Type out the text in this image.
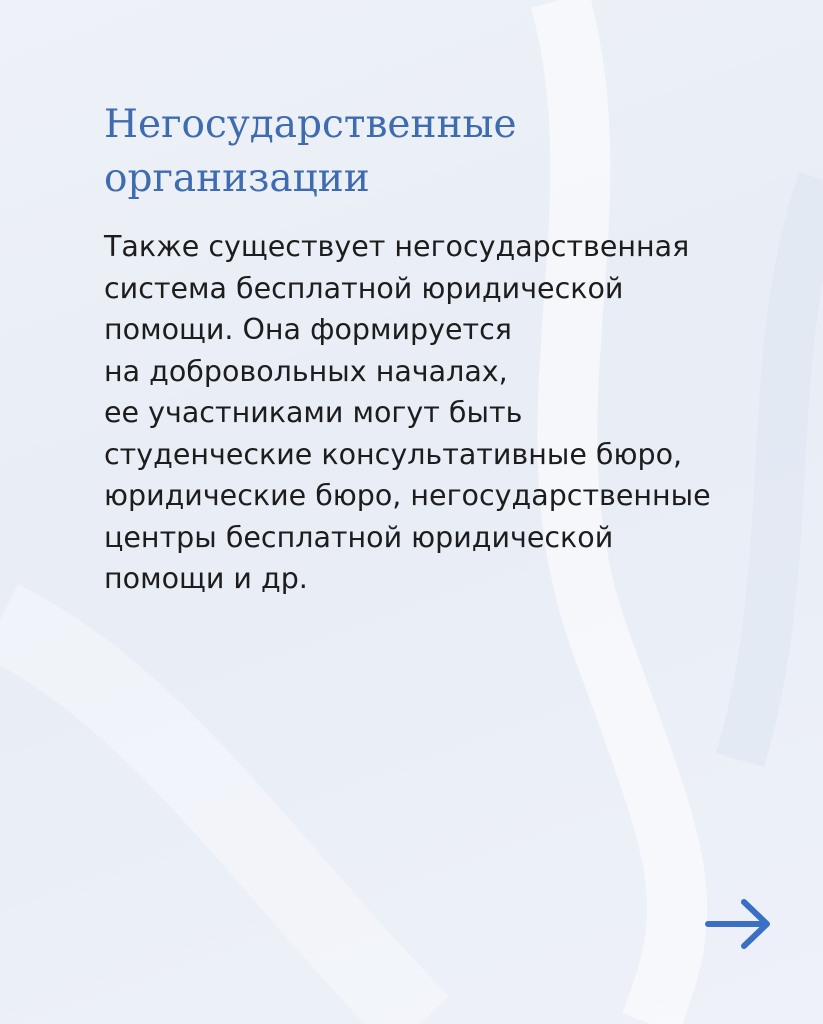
Негосударственные
организации

Также существует негосударственная
система бесплатной юридической
помощи. Она формируется
на добровольных началах,
ее участниками могут быть
студенческие консультативные бюро,
юридические бюро, негосударственные
центры бесплатной юридической
помощи и др.
